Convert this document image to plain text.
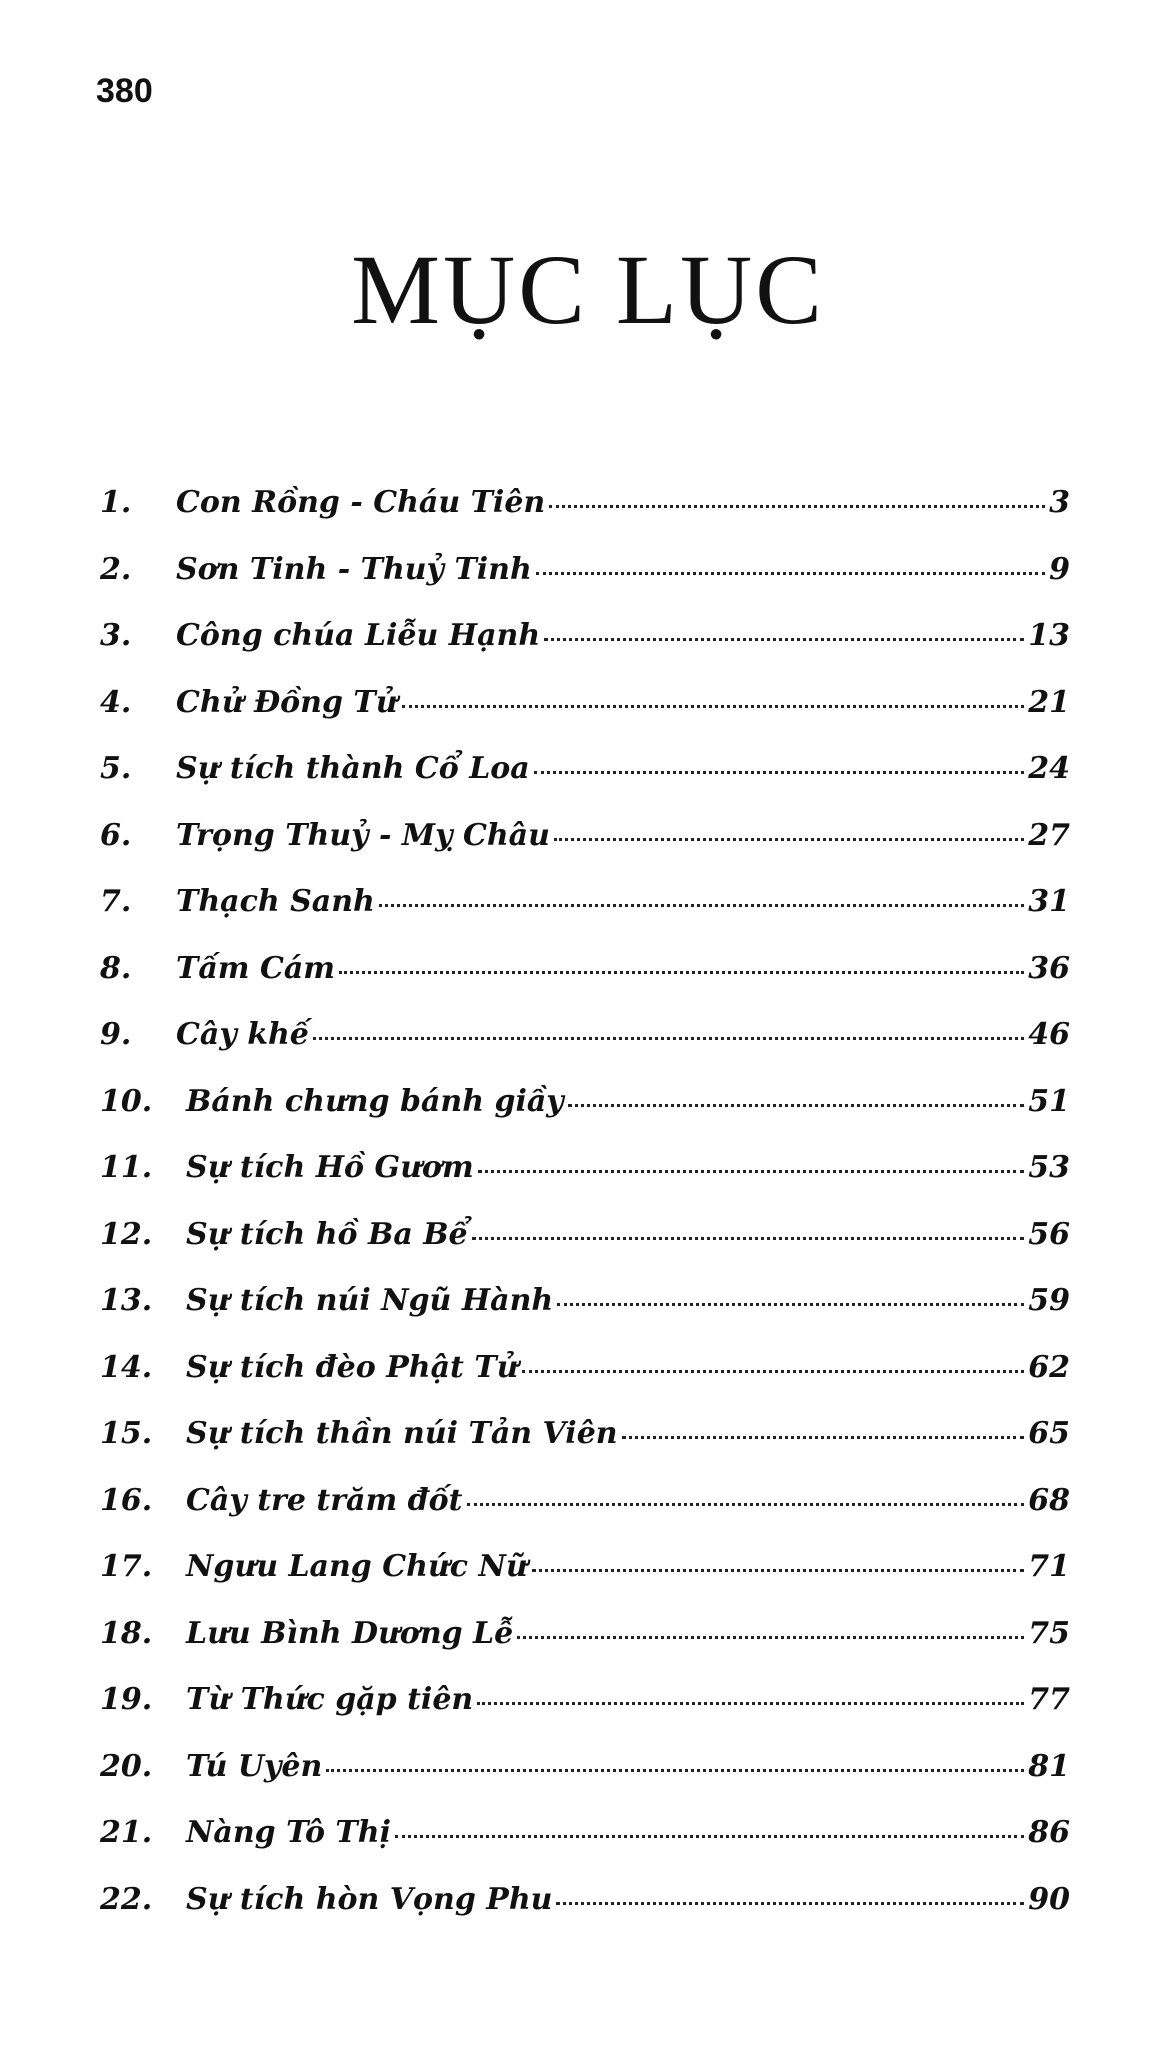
380
MỤC LỤC
1.	Con Rồng - Cháu Tiên	3
2.	Sơn Tinh - Thuỷ Tinh	9
3.	Công chúa Liễu Hạnh	13
4.	Chử Đồng Tử	21
5.	Sự tích thành Cổ Loa	24
6.	Trọng Thuỷ - Mỵ Châu	27
7.	Thạch Sanh	31
8.	Tấm Cám	36
9.	Cây khế	46
10.	Bánh chưng bánh giầy	51
11.	Sự tích Hồ Gươm	53
12.	Sự tích hồ Ba Bể	56
13.	Sự tích núi Ngũ Hành	59
14.	Sự tích đèo Phật Tử	62
15.	Sự tích thần núi Tản Viên	65
16.	Cây tre trăm đốt	68
17.	Ngưu Lang Chức Nữ	71
18.	Lưu Bình Dương Lễ	75
19.	Từ Thức gặp tiên	77
20.	Tú Uyên	81
21.	Nàng Tô Thị	86
22.	Sự tích hòn Vọng Phu	90
